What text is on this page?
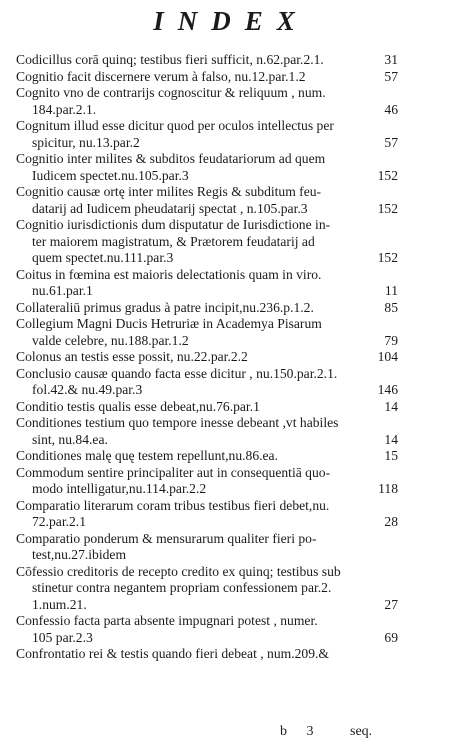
INDEX
Codicillus corā quinq; testibus fieri sufficit, n.62.par.2.1.	31
Cognitio facit discernere verum à falso, nu.12.par.1.2	57
Cognito vno de contrarijs cognoscitur & reliquum , num.
184.par.2.1.	46
Cognitum illud esse dicitur quod per oculos intellectus per
spicitur, nu.13.par.2	57
Cognitio inter milites & subditos feudatariorum ad quem
Iudicem spectet.nu.105.par.3	152
Cognitio causæ ortę inter milites Regis & subditum feu-
datarij ad Iudicem pheudatarij spectat , n.105.par.3	152
Cognitio iurisdictionis dum disputatur de Iurisdictione in-
ter maiorem magistratum, & Prætorem feudatarij ad
quem spectet.nu.111.par.3	152
Coitus in fœmina est maioris delectationis quam in viro.
nu.61.par.1	11
Collateraliū primus gradus à patre incipit,nu.236.p.1.2.	85
Collegium Magni Ducis Hetruriæ in Academya Pisarum
valde celebre, nu.188.par.1.2	79
Colonus an testis esse possit, nu.22.par.2.2	104
Conclusio causæ quando facta esse dicitur , nu.150.par.2.1.
fol.42.& nu.49.par.3	146
Conditio testis qualis esse debeat,nu.76.par.1	14
Conditiones testium quo tempore inesse debeant ,vt habiles
sint, nu.84.ea.	14
Conditiones malę quę testem repellunt,nu.86.ea.	15
Commodum sentire principaliter aut in consequentiā quo-
modo intelligatur,nu.114.par.2.2	118
Comparatio literarum coram tribus testibus fieri debet,nu.
72.par.2.1	28
Comparatio ponderum & mensurarum qualiter fieri po-
test,nu.27.ibidem
Cōfessio creditoris de recepto credito ex quinq; testibus sub
stinetur contra negantem propriam confessionem par.2.
1.num.21.	27
Confessio facta parta absente impugnari potest , numer.
105 par.2.3	69
Confrontatio rei & testis quando fieri debeat , num.209.&
b 3 seq.
